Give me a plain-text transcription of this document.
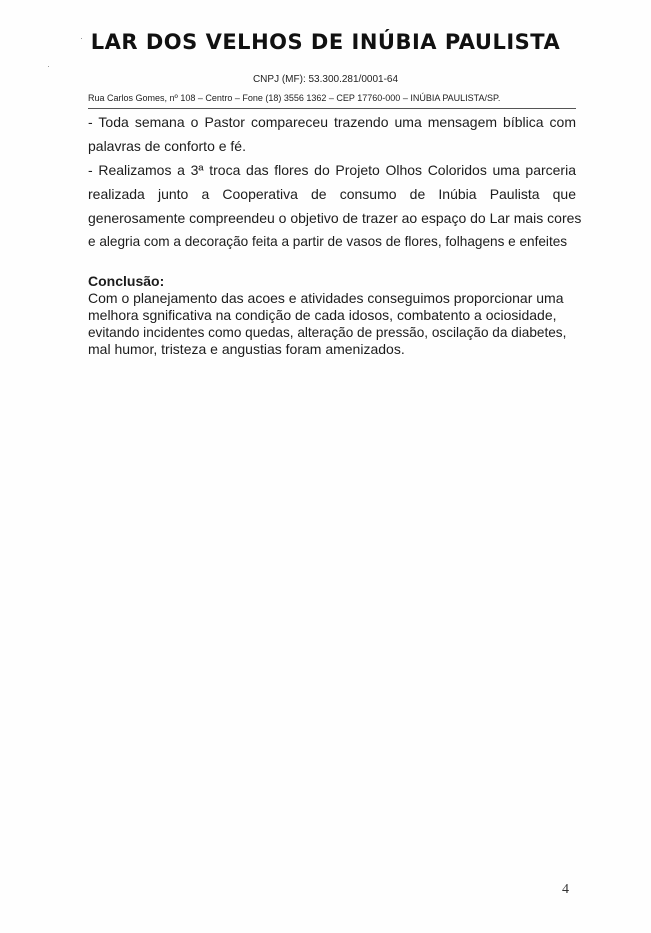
LAR DOS VELHOS DE INÚBIA PAULISTA
CNPJ (MF): 53.300.281/0001-64
Rua Carlos Gomes, nº 108 – Centro – Fone (18) 3556 1362 – CEP 17760-000 – INÚBIA PAULISTA/SP.
- Toda semana o Pastor compareceu trazendo uma mensagem bíblica com
palavras de conforto e fé.
- Realizamos a 3ª troca das flores do Projeto Olhos Coloridos uma parceria
realizada junto a Cooperativa de consumo de Inúbia Paulista que
generosamente compreendeu o objetivo de trazer ao espaço do Lar mais cores
e alegria com a decoração feita a partir de vasos de flores, folhagens e enfeites
Conclusão:
Com o planejamento das acoes e atividades conseguimos proporcionar uma
melhora sgnificativa na condição de cada idosos, combatento a ociosidade,
evitando incidentes como quedas, alteração de pressão, oscilação da diabetes,
mal humor, tristeza e angustias foram amenizados.
4
